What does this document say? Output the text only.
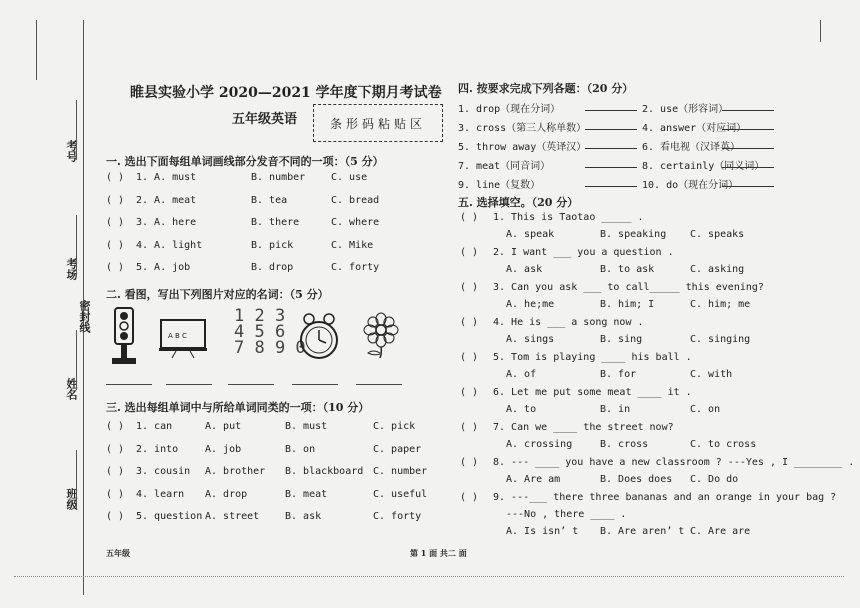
考号
考场
密封线
姓名
班级
睢县实验小学 2020—2021 学年度下期月考试卷
五年级英语	条形码粘贴区
一. 选出下面每组单词画线部分发音不同的一项：（5 分）
( ) 1. A. must	B. number	C. use
( ) 2. A. meat	B. tea	C. bread
( ) 3. A. here	B. there	C. where
( ) 4. A. light	B. pick	C. Mike
( ) 5. A. job	B. drop	C. forty
二. 看图，写出下列图片对应的名词：（5 分）
A B C
1 2 3
4 5 6
7 8 9 0
三. 选出每组单词中与所给单词同类的一项：（10 分）
( ) 1. can	A. put	B. must	C. pick
( ) 2. into	A. job	B. on	C. paper
( ) 3. cousin A. brother B. blackboard C. number
( ) 4. learn A. drop	B. meat	C. useful
( ) 5. question A. street	B. ask	C. forty
五年级	第 1 面 共二 面
四. 按要求完成下列各题：（20 分）
1. drop（现在分词）	2. use（形容词）
3. cross（第三人称单数）	4. answer（对应词）
5. throw away（英译汉）	6. 看电视（汉译英）
7. meat（同音词）	8. certainly（同义词）
9. line（复数）	10. do（现在分词）
五. 选择填空。（20 分）
( ) 1. This is Taotao _____ .
A. speak	B. speaking C. speaks
( ) 2. I want ___ you a question .
A. ask	B. to ask	C. asking
( ) 3. Can you ask ___ to call_____ this evening?
A. he;me	B. him; I	C. him; me
( ) 4. He is ___ a song now .
A. sings	B. sing	C. singing
( ) 5. Tom is playing ____ his ball .
A. of	B. for	C. with
( ) 6. Let me put some meat ____ it .
A. to	B. in	C. on
( ) 7. Can we ____ the street now?
A. crossing	B. cross	C. to cross
( ) 8. --- ____ you have a new classroom ? ---Yes , I ________ .
A. Are am	B. Does does C. Do do
( ) 9. ---___ there three bananas and an orange in your bag ?
---No , there ____ .
A. Is isn’ t B. Are aren’ t C. Are are
